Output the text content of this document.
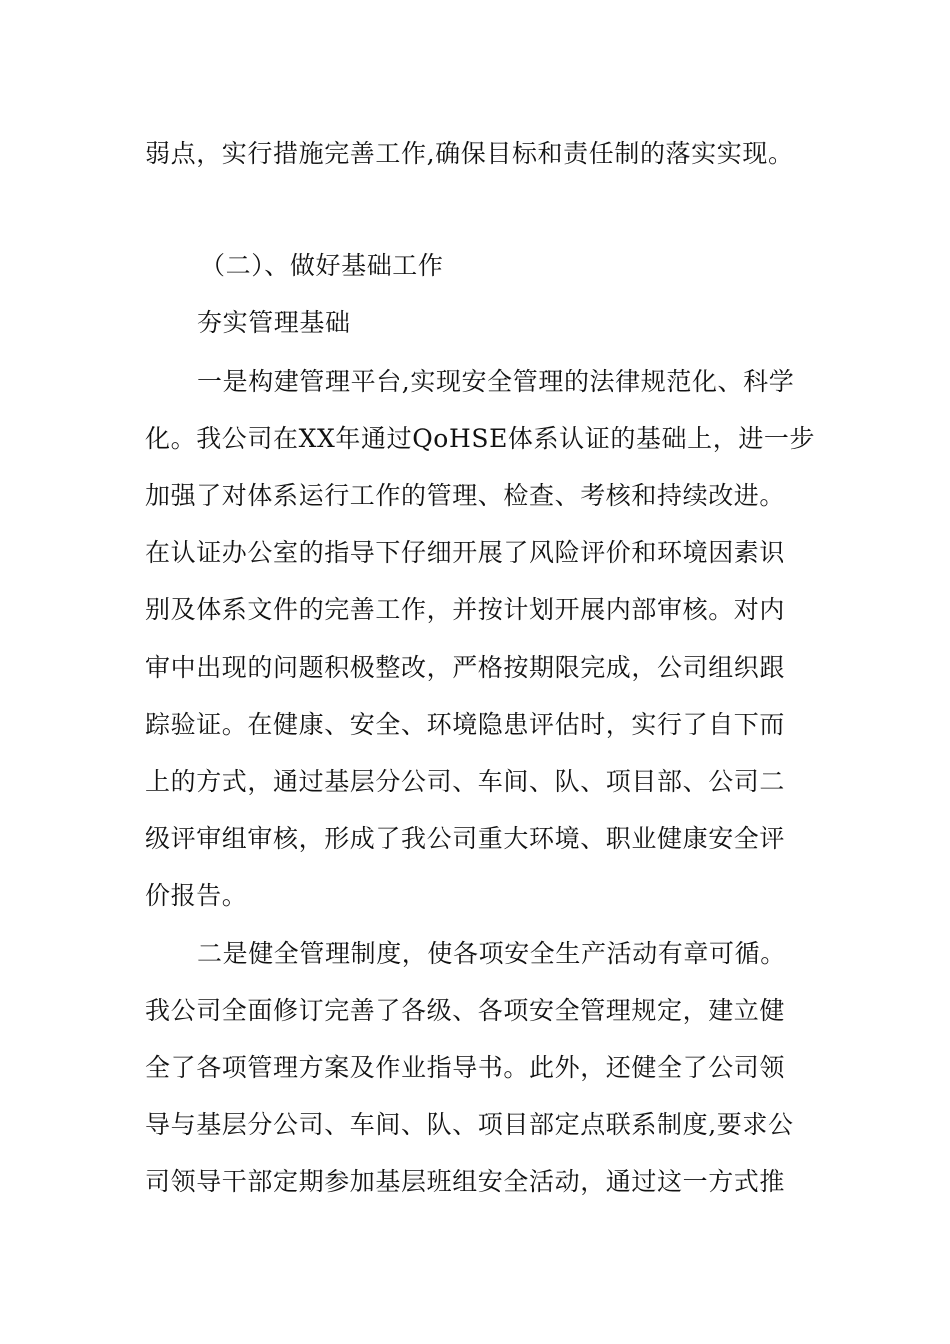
弱点，实行措施完善工作,确保目标和责任制的落实实现。
（二）、做好基础工作
夯实管理基础
一是构建管理平台,实现安全管理的法律规范化、科学
化。我公司在XX年通过QoHSE体系认证的基础上，进一步
加强了对体系运行工作的管理、检查、考核和持续改进。
在认证办公室的指导下仔细开展了风险评价和环境因素识
别及体系文件的完善工作，并按计划开展内部审核。对内
审中出现的问题积极整改，严格按期限完成，公司组织跟
踪验证。在健康、安全、环境隐患评估时，实行了自下而
上的方式，通过基层分公司、车间、队、项目部、公司二
级评审组审核，形成了我公司重大环境、职业健康安全评
价报告。
二是健全管理制度，使各项安全生产活动有章可循。
我公司全面修订完善了各级、各项安全管理规定，建立健
全了各项管理方案及作业指导书。此外，还健全了公司领
导与基层分公司、车间、队、项目部定点联系制度,要求公
司领导干部定期参加基层班组安全活动，通过这一方式推
